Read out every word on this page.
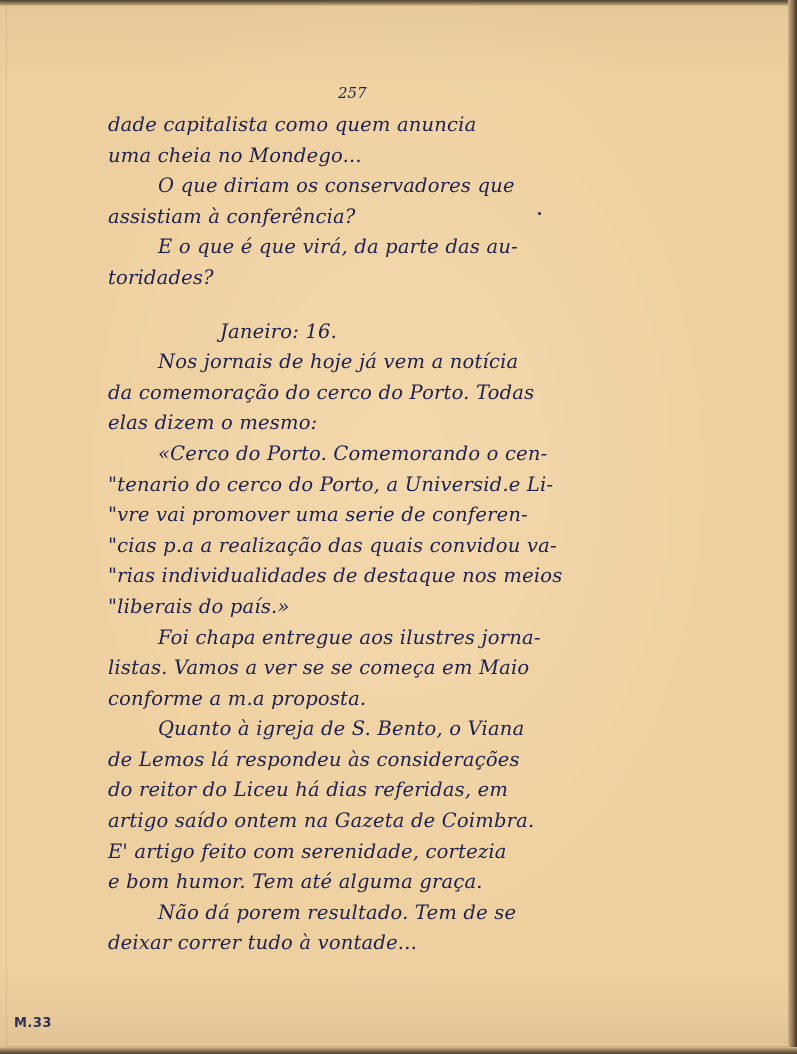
257
dade capitalista como quem anuncia
uma cheia no Mondego...
O que diriam os conservadores que
assistiam à conferência?
E o que é que virá, da parte das au-
toridades?
Janeiro: 16.
Nos jornais de hoje já vem a notícia
da comemoração do cerco do Porto. Todas
elas dizem o mesmo:
«Cerco do Porto. Comemorando o cen-
"tenario do cerco do Porto, a Universid.e Li-
"vre vai promover uma serie de conferen-
"cias p.a a realização das quais convidou va-
"rias individualidades de destaque nos meios
"liberais do país.»
Foi chapa entregue aos ilustres jorna-
listas. Vamos a ver se se começa em Maio
conforme a m.a proposta.
Quanto à igreja de S. Bento, o Viana
de Lemos lá respondeu às considerações
do reitor do Liceu há dias referidas, em
artigo saído ontem na Gazeta de Coimbra.
E' artigo feito com serenidade, cortezia
e bom humor. Tem até alguma graça.
Não dá porem resultado. Tem de se
deixar correr tudo à vontade...
M.33
